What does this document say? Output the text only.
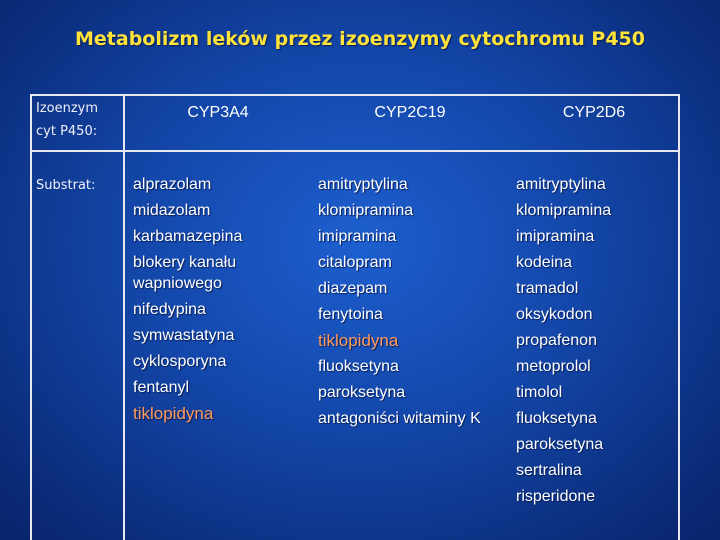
Metabolizm leków przez izoenzymy cytochromu P450
Izoenzym cyt P450:
Substrat:
CYP3A4	CYP2C19	CYP2D6
alprazolam
midazolam
karbamazepina
blokery kanału wapniowego
nifedypina
symwastatyna
cyklosporyna
fentanyl
tiklopidyna
amitryptylina
klomipramina
imipramina
citalopram
diazepam
fenytoina
tiklopidyna
fluoksetyna
paroksetyna
antagoniści witaminy K
amitryptylina
klomipramina
imipramina
kodeina
tramadol
oksykodon
propafenon
metoprolol
timolol
fluoksetyna
paroksetyna
sertralina
risperidone
